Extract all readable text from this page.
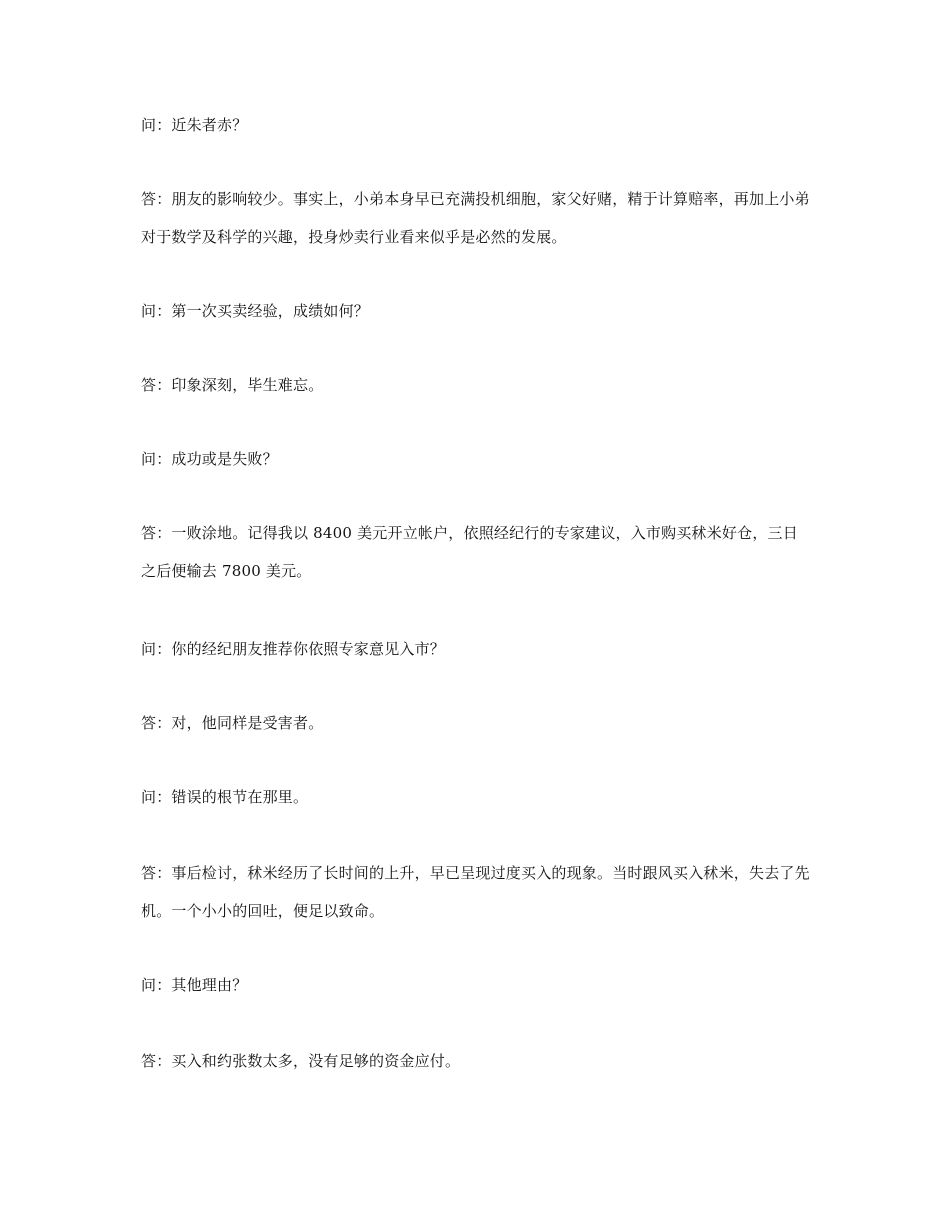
问：近朱者赤？

答：朋友的影响较少。事实上，小弟本身早已充满投机细胞，家父好赌，精于计算赔率，再加上小弟对于数学及科学的兴趣，投身炒卖行业看来似乎是必然的发展。

问：第一次买卖经验，成绩如何？

答：印象深刻，毕生难忘。

问：成功或是失败？

答：一败涂地。记得我以 8400 美元开立帐户，依照经纪行的专家建议，入市购买秫米好仓，三日之后便输去 7800 美元。

问：你的经纪朋友推荐你依照专家意见入市？

答：对，他同样是受害者。

问：错误的根节在那里。

答：事后检讨，秫米经历了长时间的上升，早已呈现过度买入的现象。当时跟风买入秫米，失去了先机。一个小小的回吐，便足以致命。

问：其他理由？

答：买入和约张数太多，没有足够的资金应付。
